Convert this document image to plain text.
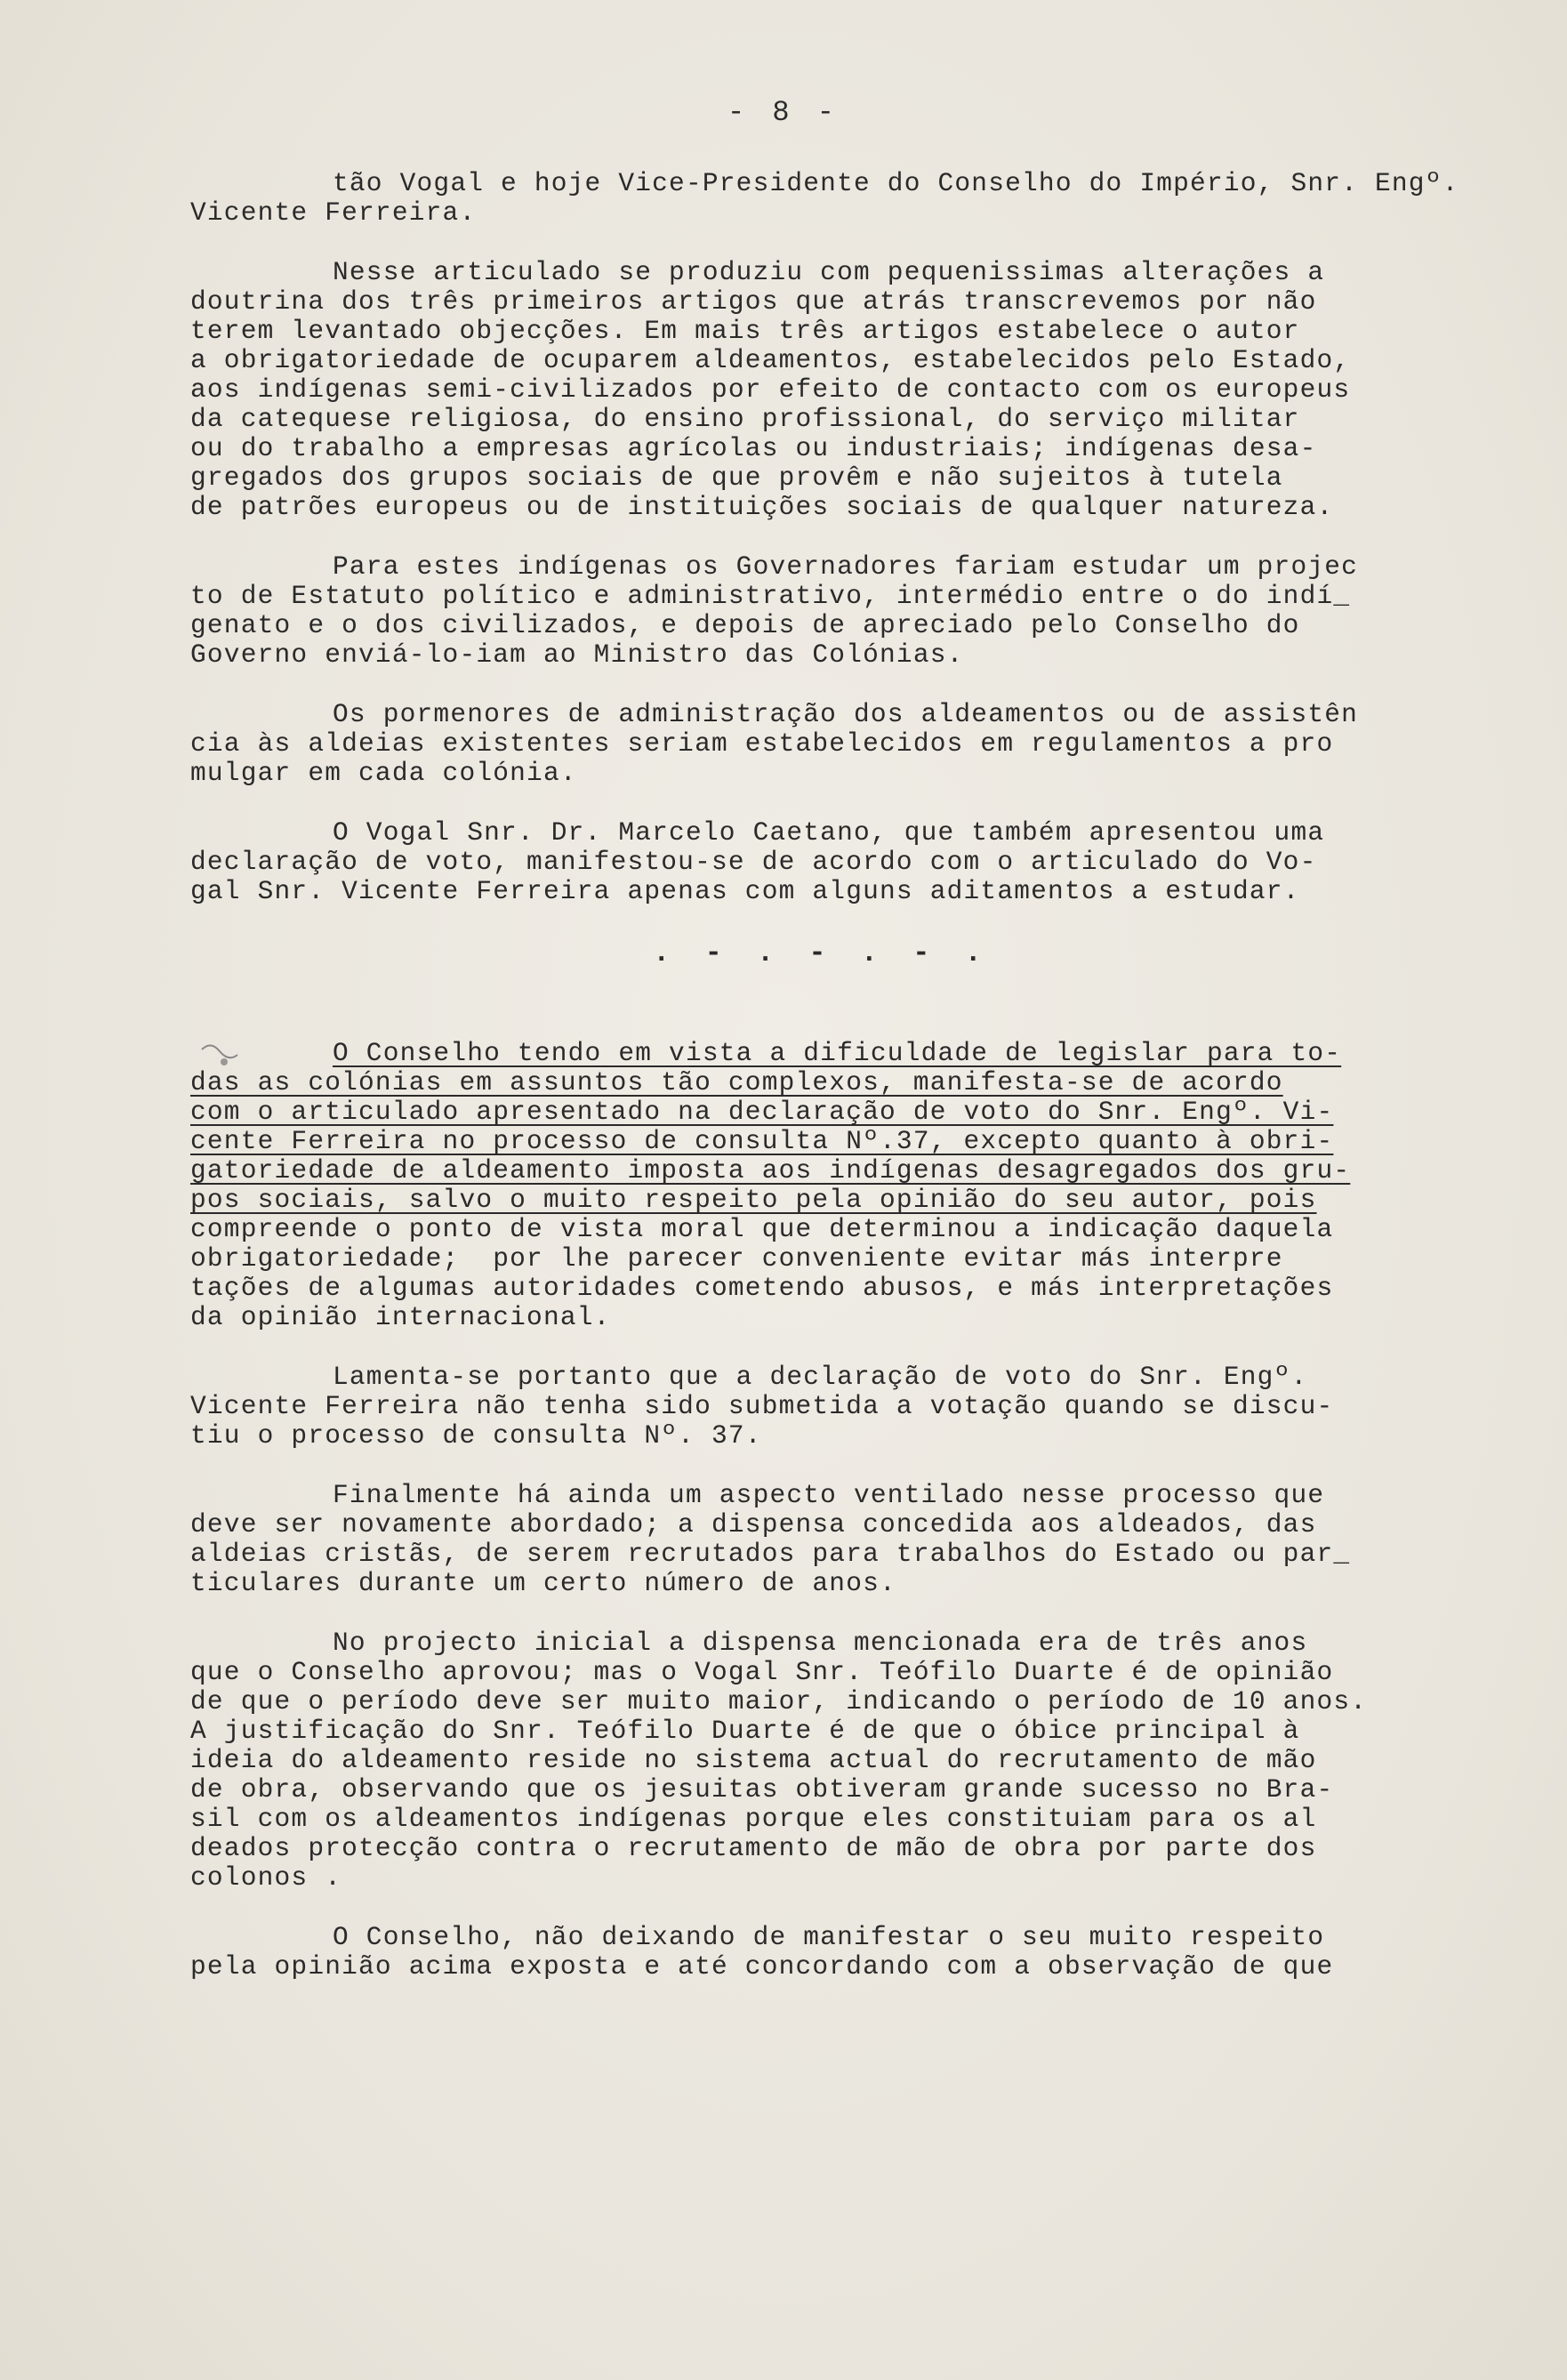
- 8 -

tão Vogal e hoje Vice-Presidente do Conselho do Império, Snr. Engº.
Vicente Ferreira.

Nesse articulado se produziu com pequenissimas alterações a
doutrina dos três primeiros artigos que atrás transcrevemos por não
terem levantado objecções. Em mais três artigos estabelece o autor
a obrigatoriedade de ocuparem aldeamentos, estabelecidos pelo Estado,
aos indígenas semi-civilizados por efeito de contacto com os europeus
da catequese religiosa, do ensino profissional, do serviço militar
ou do trabalho a empresas agrícolas ou industriais; indígenas desa-
gregados dos grupos sociais de que provêm e não sujeitos à tutela
de patrões europeus ou de instituições sociais de qualquer natureza.

Para estes indígenas os Governadores fariam estudar um projec
to de Estatuto político e administrativo, intermédio entre o do indí_
genato e o dos civilizados, e depois de apreciado pelo Conselho do
Governo enviá-lo-iam ao Ministro das Colónias.

Os pormenores de administração dos aldeamentos ou de assistên
cia às aldeias existentes seriam estabelecidos em regulamentos a pro
mulgar em cada colónia.

O Vogal Snr. Dr. Marcelo Caetano, que também apresentou uma
declaração de voto, manifestou-se de acordo com o articulado do Vo-
gal Snr. Vicente Ferreira apenas com alguns aditamentos a estudar.

. - . - . - .

O Conselho tendo em vista a dificuldade de legislar para to-
das as colónias em assuntos tão complexos, manifesta-se de acordo
com o articulado apresentado na declaração de voto do Snr. Engº. Vi-
cente Ferreira no processo de consulta Nº.37, excepto quanto à obri-
gatoriedade de aldeamento imposta aos indígenas desagregados dos gru-
pos sociais, salvo o muito respeito pela opinião do seu autor, pois
compreende o ponto de vista moral que determinou a indicação daquela
obrigatoriedade;  por lhe parecer conveniente evitar más interpre
tações de algumas autoridades cometendo abusos, e más interpretações
da opinião internacional.

Lamenta-se portanto que a declaração de voto do Snr. Engº.
Vicente Ferreira não tenha sido submetida a votação quando se discu-
tiu o processo de consulta Nº. 37.

Finalmente há ainda um aspecto ventilado nesse processo que
deve ser novamente abordado; a dispensa concedida aos aldeados, das
aldeias cristãs, de serem recrutados para trabalhos do Estado ou par_
ticulares durante um certo número de anos.

No projecto inicial a dispensa mencionada era de três anos
que o Conselho aprovou; mas o Vogal Snr. Teófilo Duarte é de opinião
de que o período deve ser muito maior, indicando o período de 10 anos.
A justificação do Snr. Teófilo Duarte é de que o óbice principal à
ideia do aldeamento reside no sistema actual do recrutamento de mão
de obra, observando que os jesuitas obtiveram grande sucesso no Bra-
sil com os aldeamentos indígenas porque eles constituiam para os al
deados protecção contra o recrutamento de mão de obra por parte dos
colonos .

O Conselho, não deixando de manifestar o seu muito respeito
pela opinião acima exposta e até concordando com a observação de que
